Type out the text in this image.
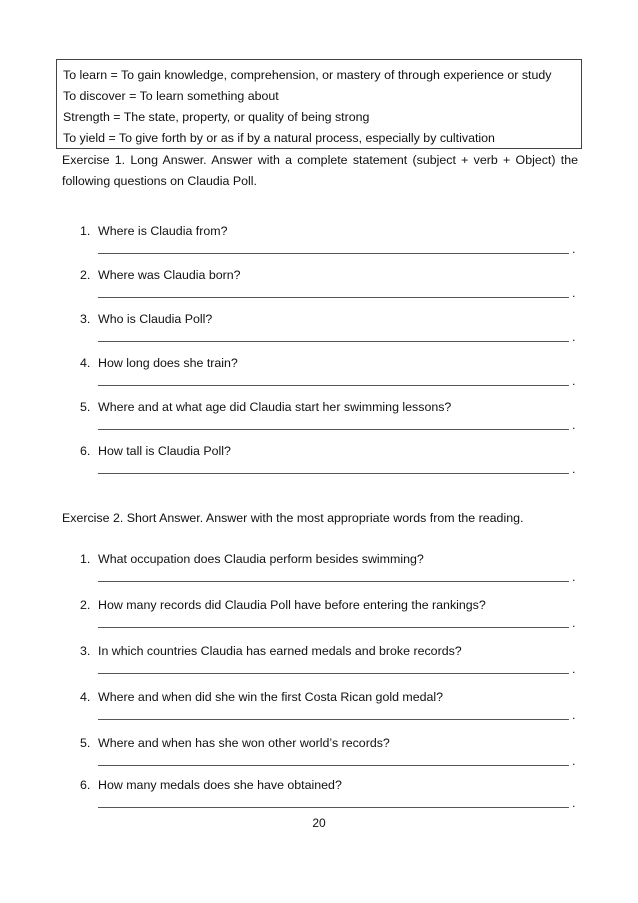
To learn = To gain knowledge, comprehension, or mastery of through experience or study
To discover = To learn something about
Strength = The state, property, or quality of being strong
To yield = To give forth by or as if by a natural process, especially by cultivation
Exercise 1. Long Answer. Answer with a complete statement (subject + verb + Object) the following questions on Claudia Poll.
1. Where is Claudia from?
.
2. Where was Claudia born?
.
3. Who is Claudia Poll?
.
4. How long does she train?
.
5. Where and at what age did Claudia start her swimming lessons?
.
6. How tall is Claudia Poll?
.
Exercise 2. Short Answer. Answer with the most appropriate words from the reading.
1. What occupation does Claudia perform besides swimming?
.
2. How many records did Claudia Poll have before entering the rankings?
.
3. In which countries Claudia has earned medals and broke records?
.
4. Where and when did she win the first Costa Rican gold medal?
.
5. Where and when has she won other world’s records?
.
6. How many medals does she have obtained?
.
20
